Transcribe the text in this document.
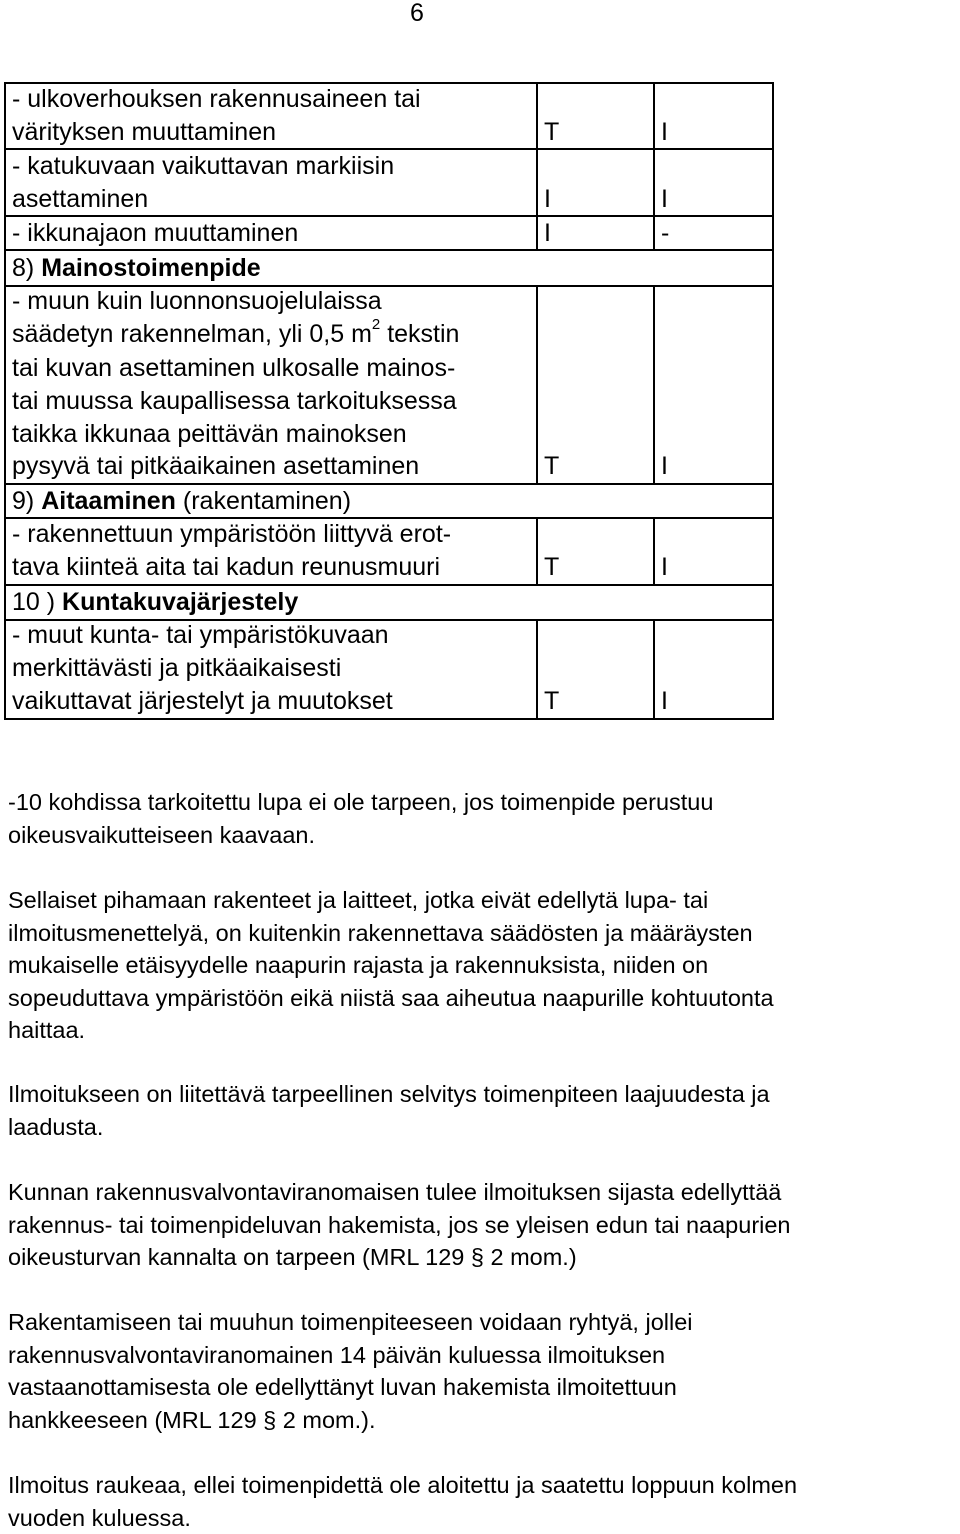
6
- ulkoverhouksen rakennusaineen tai
värityksen muuttaminen	T	I
- katukuvaan vaikuttavan markiisin
asettaminen	I	I
- ikkunajaon muuttaminen	I	-
8) Mainostoimenpide
- muun kuin luonnonsuojelulaissa
säädetyn rakennelman, yli 0,5 $m^2$ tekstin
tai kuvan asettaminen ulkosalle mainos-
tai muussa kaupallisessa tarkoituksessa
taikka ikkunaa peittävän mainoksen
pysyvä tai pitkäaikainen asettaminen	T	I
9) Aitaaminen (rakentaminen)
- rakennettuun ympäristöön liittyvä erot-
tava kiinteä aita tai kadun reunusmuuri	T	I
10 ) Kuntakuvajärjestely
- muut kunta- tai ympäristökuvaan
merkittävästi ja pitkäaikaisesti
vaikuttavat järjestelyt ja muutokset	T	I

-10 kohdissa tarkoitettu lupa ei ole tarpeen, jos toimenpide perustuu
oikeusvaikutteiseen kaavaan.

Sellaiset pihamaan rakenteet ja laitteet, jotka eivät edellytä lupa- tai
ilmoitusmenettelyä, on kuitenkin rakennettava säädösten ja määräysten
mukaiselle etäisyydelle naapurin rajasta ja rakennuksista, niiden on
sopeuduttava ympäristöön eikä niistä saa aiheutua naapurille kohtuutonta
haittaa.

Ilmoitukseen on liitettävä tarpeellinen selvitys toimenpiteen laajuudesta ja
laadusta.

Kunnan rakennusvalvontaviranomaisen tulee ilmoituksen sijasta edellyttää
rakennus- tai toimenpideluvan hakemista, jos se yleisen edun tai naapurien
oikeusturvan kannalta on tarpeen (MRL 129 § 2 mom.)

Rakentamiseen tai muuhun toimenpiteeseen voidaan ryhtyä, jollei
rakennusvalvontaviranomainen 14 päivän kuluessa ilmoituksen
vastaanottamisesta ole edellyttänyt luvan hakemista ilmoitettuun
hankkeeseen (MRL 129 § 2 mom.).

Ilmoitus raukeaa, ellei toimenpidettä ole aloitettu ja saatettu loppuun kolmen
vuoden kuluessa.
